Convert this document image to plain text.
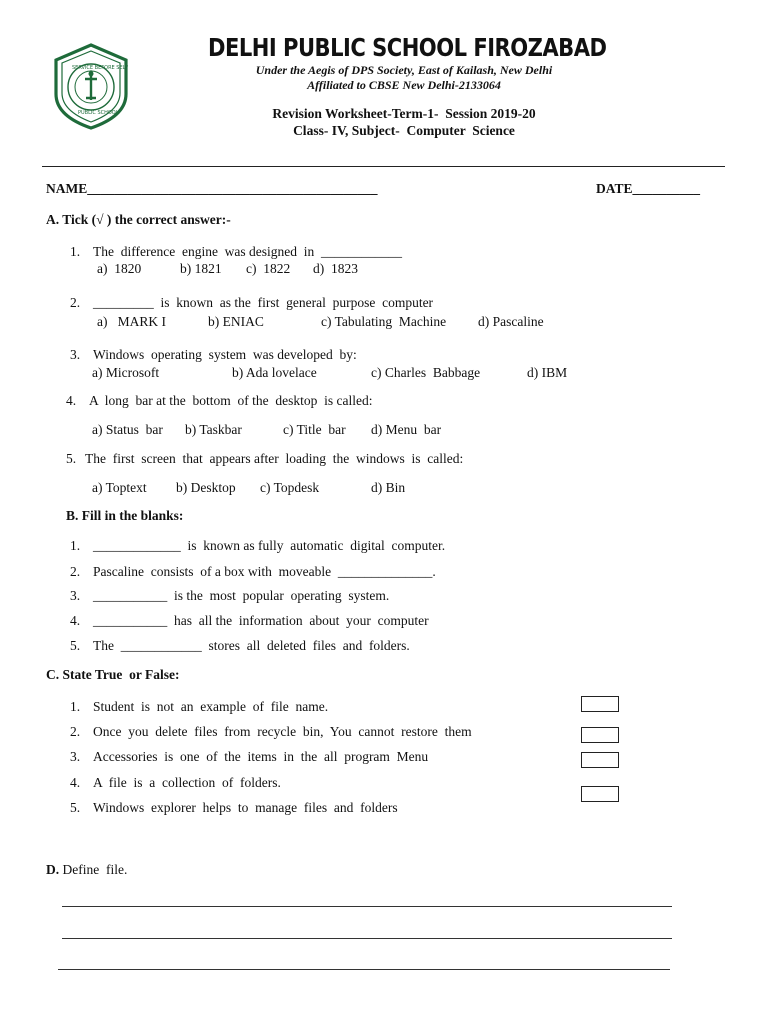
SERVICE BEFORE SELF
PUBLIC SCHOOL
DELHI PUBLIC SCHOOL FIROZABAD
Under the Aegis of DPS Society, East of Kailash, New Delhi
Affiliated to CBSE New Delhi-2133064
Revision Worksheet-Term-1-  Session 2019-20
Class- IV, Subject-  Computer  Science
NAME___________________________________________	DATE__________
A. Tick (√ ) the correct answer:-
1. The  difference  engine  was designed  in  ____________
a)  1820	b) 1821 c)  1822 d)  1823
2. _________  is  known  as the  first  general  purpose  computer
a)   MARK I	b) ENIAC	c) Tabulating  Machine d) Pascaline
3. Windows  operating  system  was developed  by:
a) Microsoft	b) Ada lovelace	c) Charles  Babbage	d) IBM
4. A  long  bar at the  bottom  of the  desktop  is called:
a) Status  bar b) Taskbar	c) Title  bar d) Menu  bar
5. The  first  screen  that  appears after  loading  the  windows  is  called:
a) Toptext b) Desktop c) Topdesk	d) Bin
B. Fill in the blanks:
1. _____________  is  known as fully  automatic  digital  computer.
2. Pascaline  consists  of a box with  moveable  ______________.
3. ___________  is the  most  popular  operating  system.
4. ___________  has  all the  information  about  your  computer
5. The  ____________  stores  all  deleted  files  and  folders.
C. State True  or False:
1. Student  is  not  an  example  of  file  name.
2. Once  you  delete  files  from  recycle  bin,  You  cannot  restore  them
3. Accessories  is  one  of  the  items  in  the  all  program  Menu
4. A  file  is  a  collection  of  folders.
5. Windows  explorer  helps  to  manage  files  and  folders
D. Define  file.
